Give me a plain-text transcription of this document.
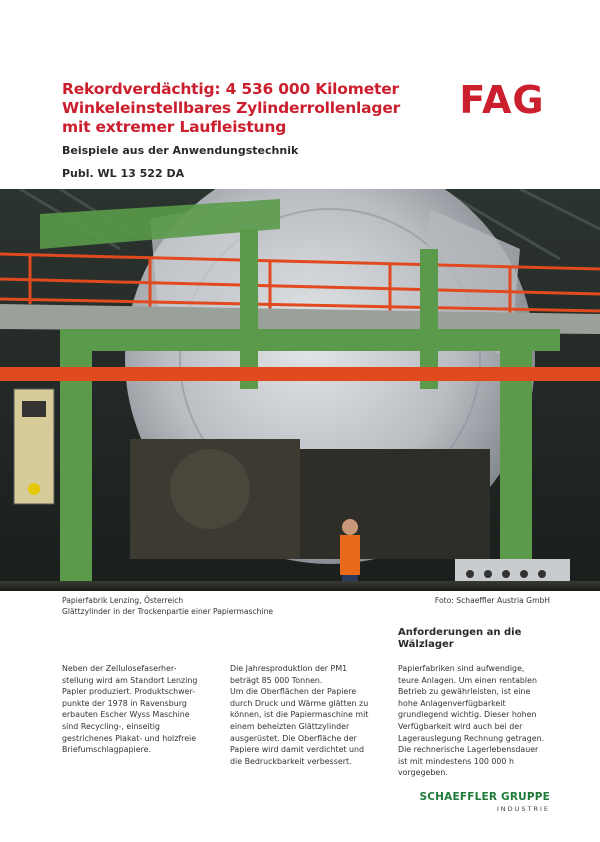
Rekordverdächtig: 4 536 000 Kilometer
Winkeleinstellbares Zylinderrollenlager
mit extremer Laufleistung
FAG
Beispiele aus der Anwendungstechnik
Publ. WL 13 522 DA
Papierfabrik Lenzing, Österreich
Glättzylinder in der Trockenpartie einer Papiermaschine
Foto: Schaeffler Austria GmbH
Anforderungen an die
Wälzlager
Neben der Zellulosefaserher-
stellung wird am Standort Lenzing
Papier produziert. Produktschwer-
punkte der 1978 in Ravensburg
erbauten Escher Wyss Maschine
sind Recycling-, einseitig
gestrichenes Plakat- und holzfreie
Briefumschlagpapiere.
Die Jahresproduktion der PM1
beträgt 85 000 Tonnen.
Um die Oberflächen der Papiere
durch Druck und Wärme glätten zu
können, ist die Papiermaschine mit
einem beheizten Glättzylinder
ausgerüstet. Die Oberfläche der
Papiere wird damit verdichtet und
die Bedruckbarkeit verbessert.
Papierfabriken sind aufwendige,
teure Anlagen. Um einen rentablen
Betrieb zu gewährleisten, ist eine
hohe Anlagenverfügbarkeit
grundlegend wichtig. Dieser hohen
Verfügbarkeit wird auch bei der
Lagerauslegung Rechnung getragen.
Die rechnerische Lagerlebensdauer
ist mit mindestens 100 000 h
vorgegeben.
SCHAEFFLER GRUPPE
INDUSTRIE
